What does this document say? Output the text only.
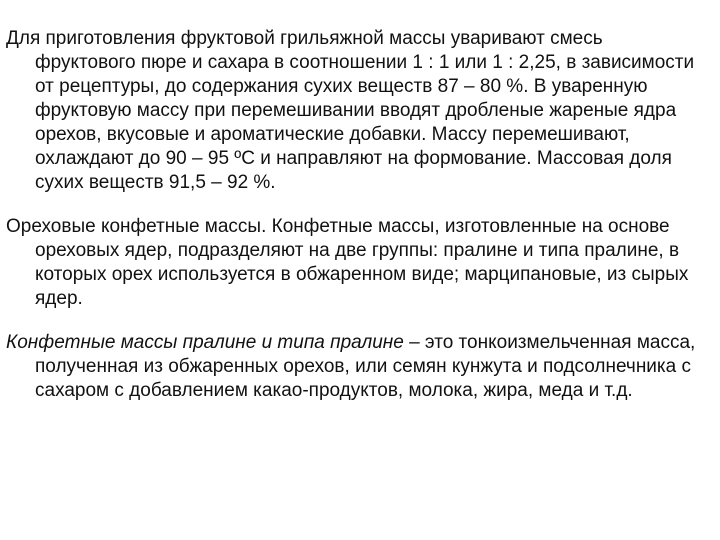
Для приготовления фруктовой грильяжной массы уваривают смесь фруктового пюре и сахара в соотношении 1 : 1 или 1 : 2,25, в зависимости от рецептуры, до содержания сухих веществ 87 – 80 %. В уваренную фруктовую массу при перемешивании вводят дробленые жареные ядра орехов, вкусовые и ароматические добавки. Массу перемешивают, охлаждают до 90 – 95 ºС и направляют на формование. Массовая доля сухих веществ 91,5 – 92 %.

Ореховые конфетные массы. Конфетные массы, изготовленные на основе ореховых ядер, подразделяют на две группы: пралине и типа пралине, в которых орех используется в обжаренном виде; марципановые, из сырых ядер.

Конфетные массы пралине и типа пралине – это тонкоизмельченная масса, полученная из обжаренных орехов, или семян кунжута и подсолнечника с сахаром с добавлением какао-продуктов, молока, жира, меда и т.д.
